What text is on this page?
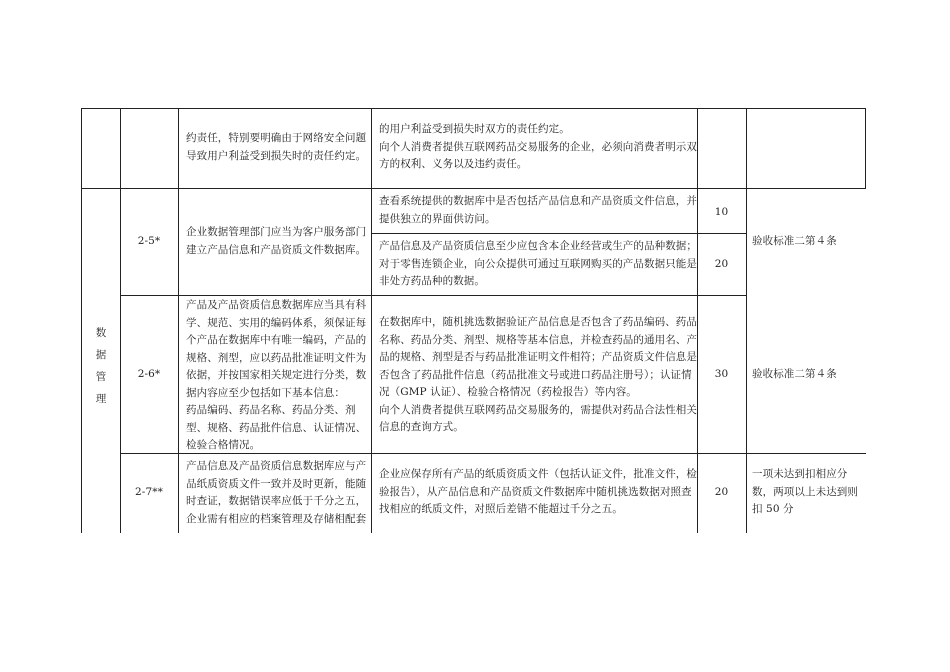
数据管理
约责任，特别要明确由于网络安全问题
导致用户利益受到损失时的责任约定。
的用户利益受到损失时双方的责任约定。
向个人消费者提供互联网药品交易服务的企业，必须向消费者明示双
方的权利、义务以及违约责任。
2-5*
企业数据管理部门应当为客户服务部门
建立产品信息和产品资质文件数据库。
查看系统提供的数据库中是否包括产品信息和产品资质文件信息，并
提供独立的界面供访问。
10
产品信息及产品资质信息至少应包含本企业经营或生产的品种数据；
对于零售连锁企业，向公众提供可通过互联网购买的产品数据只能是
非处方药品种的数据。
20
验收标准二第４条
2-6*
产品及产品资质信息数据库应当具有科
学、规范、实用的编码体系，须保证每
个产品在数据库中有唯一编码，产品的
规格、剂型，应以药品批准证明文件为
依据，并按国家相关规定进行分类，数
据内容应至少包括如下基本信息：
药品编码、药品名称、药品分类、剂
型、规格、药品批件信息、认证情况、
检验合格情况。
在数据库中，随机挑选数据验证产品信息是否包含了药品编码、药品
名称、药品分类、剂型、规格等基本信息，并检查药品的通用名、产
品的规格、剂型是否与药品批准证明文件相符；产品资质文件信息是
否包含了药品批件信息（药品批准文号或进口药品注册号）；认证情
况（GMP 认证）、检验合格情况（药检报告）等内容。
向个人消费者提供互联网药品交易服务的，需提供对药品合法性相关
信息的查询方式。
30	验收标准二第４条
2-7**
产品信息及产品资质信息数据库应与产
品纸质资质文件一致并及时更新，能随
时查证，数据错误率应低于千分之五，
企业需有相应的档案管理及存储相配套
企业应保存所有产品的纸质资质文件（包括认证文件，批准文件，检
验报告），从产品信息和产品资质文件数据库中随机挑选数据对照查
找相应的纸质文件，对照后差错不能超过千分之五。
20
一项未达到扣相应分
数，两项以上未达到则
扣 50 分
